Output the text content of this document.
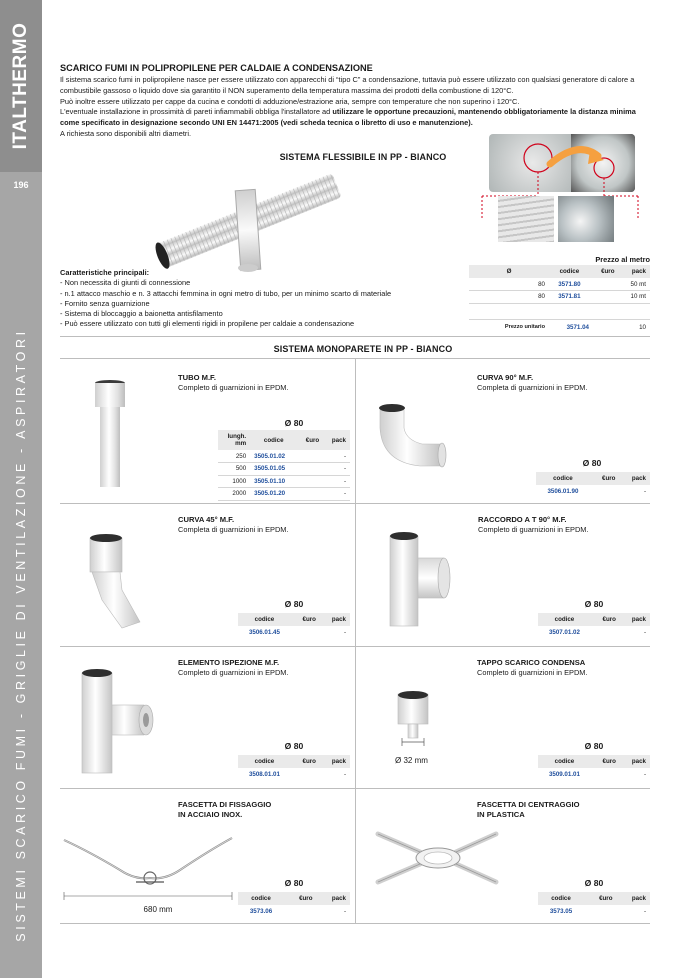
ITALTHERMO
196
SISTEMI SCARICO FUMI - GRIGLIE DI VENTILAZIONE - ASPIRATORI
SCARICO FUMI IN POLIPROPILENE PER CALDAIE A CONDENSAZIONE
Il sistema scarico fumi in polipropilene nasce per essere utilizzato con apparecchi di “tipo C” a condensazione, tuttavia può essere utilizzato con qualsiasi generatore di calore a
combustibile gassoso o liquido dove sia garantito il NON superamento della temperatura massima dei prodotti della combustione di 120°C.
Può inoltre essere utilizzato per cappe da cucina e condotti di adduzione/estrazione aria, sempre con temperature che non superino i 120°C.
L'eventuale installazione in prossimità di pareti infiammabili obbliga l'installatore ad utilizzare le opportune precauzioni, mantenendo obbligatoriamente la distanza minima
come specificato in designazione secondo UNI EN 14471:2005 (vedi scheda tecnica o libretto di uso e manutenzione).
A richiesta sono disponibili altri diametri.
SISTEMA FLESSIBILE IN PP - BIANCO
Prezzo al metro
Ø	codice	€uro	pack
80	3571.80		50 mt
80	3571.81		10 mt
Prezzo unitario	3571.04		10
Caratteristiche principali:
- Non necessita di giunti di connessione
- n.1 attacco maschio e n. 3 attacchi femmina in ogni metro di tubo, per un minimo scarto di materiale
- Fornito senza guarnizione
- Sistema di bloccaggio a baionetta antisfilamento
- Può essere utilizzato con tutti gli elementi rigidi in propilene per caldaie a condensazione
SISTEMA MONOPARETE IN PP - BIANCO
TUBO M.F.
Completo di guarnizioni in EPDM.
Ø 80
lungh.
mm	codice	€uro	pack
250	3505.01.02		-
500	3505.01.05		-
1000	3505.01.10		-
2000	3505.01.20		-
CURVA 90° M.F.
Completa di guarnizioni in EPDM.
Ø 80
codice	€uro	pack
3506.01.90		-
CURVA 45° M.F.
Completa di guarnizioni in EPDM.
Ø 80
codice	€uro	pack
3506.01.45		-
RACCORDO A T 90° M.F.
Completo di guarnizioni in EPDM.
Ø 80
codice	€uro	pack
3507.01.02		-
ELEMENTO ISPEZIONE M.F.
Completo di guarnizioni in EPDM.
Ø 80
codice	€uro	pack
3508.01.01		-
TAPPO SCARICO CONDENSA
Completo di guarnizioni in EPDM.
Ø 32 mm
Ø 80
codice	€uro	pack
3509.01.01		-
FASCETTA DI FISSAGGIO
IN ACCIAIO INOX.
680 mm
Ø 80
codice	€uro	pack
3573.06		-
FASCETTA DI CENTRAGGIO
IN PLASTICA
Ø 80
codice	€uro	pack
3573.05		-
